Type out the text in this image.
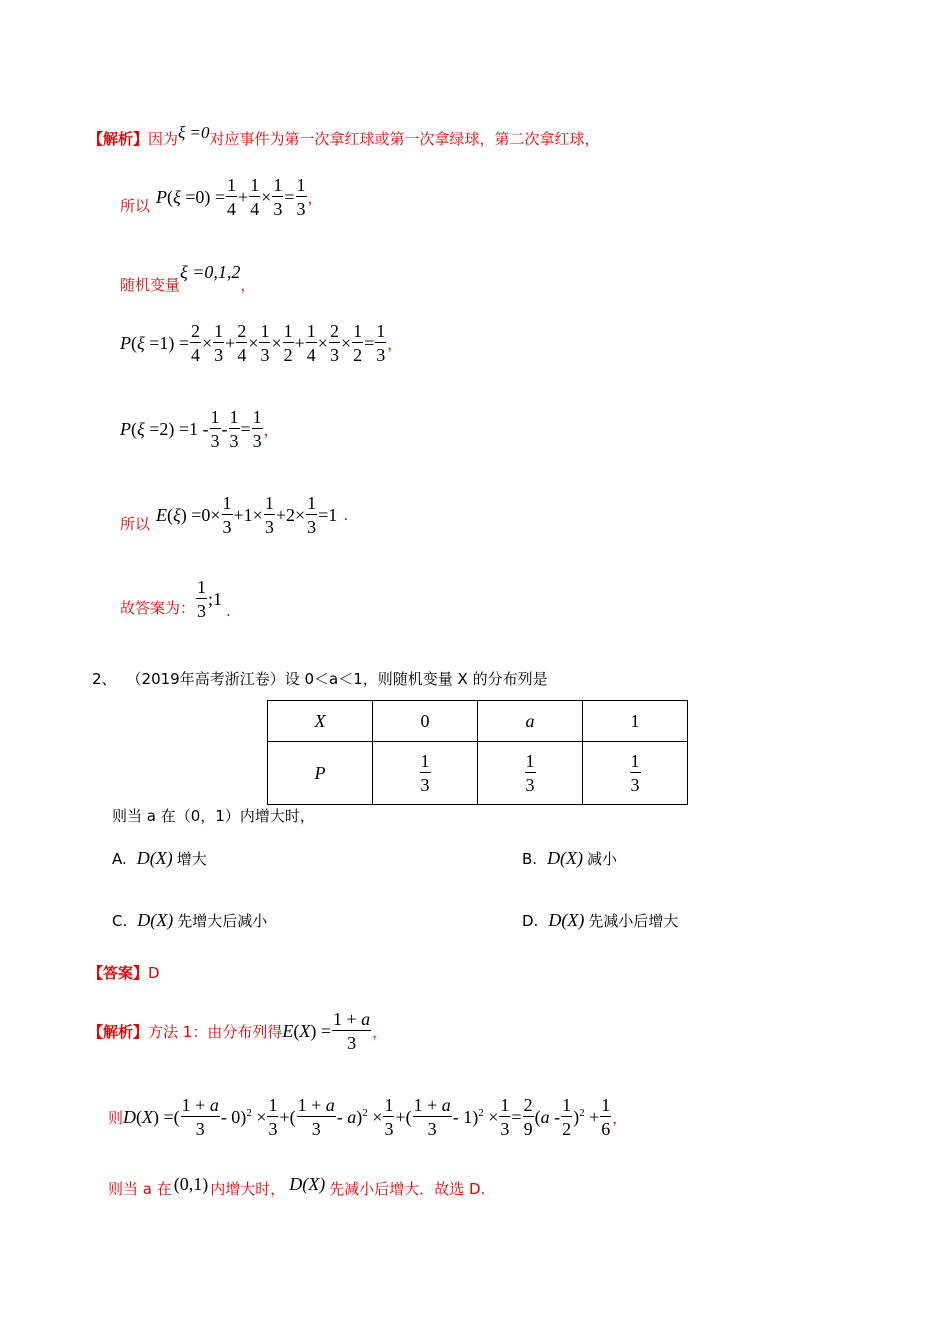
【解析】 因为 ξ =0 对应事件为第一次拿红球或第一次拿绿球，第二次拿红球，
所以 $P(\xi =0) = \frac{1}{4} + \frac{1}{4} \times \frac{1}{3} = \frac{1}{3}$ ，
随机变量
ξ =0,1,2
，
$P(\xi =1) = \frac{2}{4} \times \frac{1}{3} + \frac{2}{4} \times \frac{1}{3} \times \frac{1}{2} + \frac{1}{4} \times \frac{2}{3} \times \frac{1}{2} = \frac{1}{3}$ ，
$P(\xi =2) =1 - \frac{1}{3} - \frac{1}{3} = \frac{1}{3}$ ，
所以 $E(\xi) =0\times \frac{1}{3} +1\times \frac{1}{3} +2\times \frac{1}{3} =1$ .
故答案为： $\frac{1}{3}$ ;1
.
2、 （2019年高考浙江卷）设 0＜a＜1，则随机变量 X 的分布列是
X	0	a	1
P	$\frac{1}{3}$	$\frac{1}{3}$	$\frac{1}{3}$
则当 a 在（0，1）内增大时，
A. D(X) 增大	B. D(X) 减小
C. D(X) 先增大后减小	D. D(X) 先减小后增大
【答案】 D
【解析】 方法 1：由分布列得 $E(X) = \frac{1 + a}{3}$ ，
则 D(X) =( $\frac{1 + a}{3} - 0)^2 \times \frac{1}{3}$ +( $\frac{1 + a}{3} - a)^2 \times \frac{1}{3}$ +( $\frac{1 + a}{3} - 1)^2 \times \frac{1}{3} = \frac{2}{9} (a - \frac{1}{2} )^2 + \frac{1}{6}$ ，
则当 a 在 (0,1) 内增大时， D(X) 先减小后增大．故选 D.
